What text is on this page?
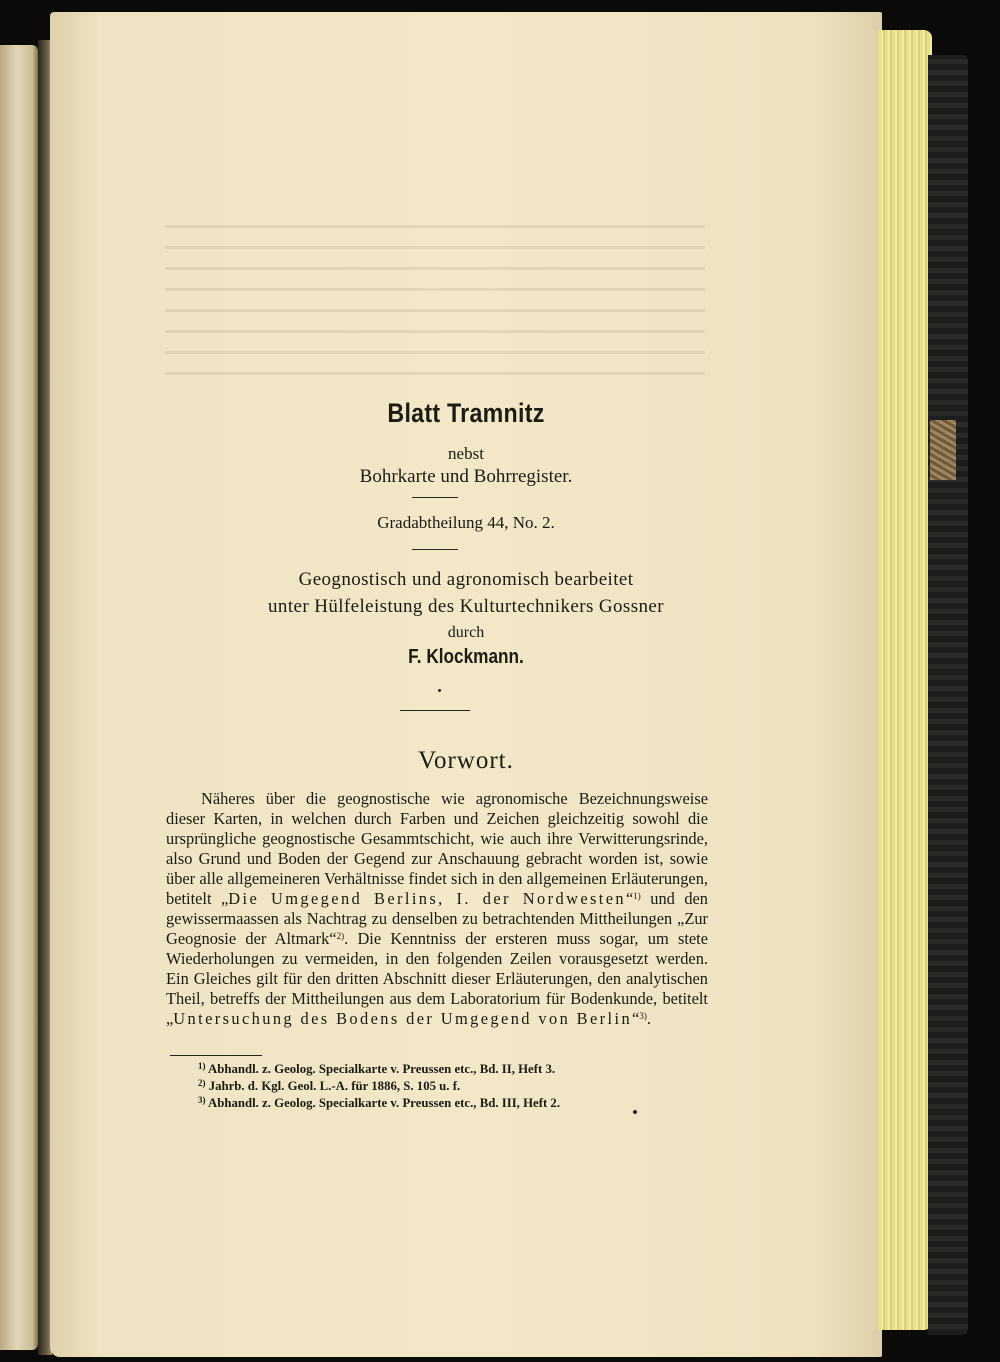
Blatt Tramnitz
nebst
Bohrkarte und Bohrregister.
Gradabtheilung 44, No. 2.
Geognostisch und agronomisch bearbeitet
unter Hülfeleistung des Kulturtechnikers Gossner
durch
F. Klockmann.
Vorwort.

Näheres über die geognostische wie agronomische Bezeichnungsweise dieser Karten, in welchen durch Farben und Zeichen gleichzeitig sowohl die ursprüngliche geognostische Gesammtschicht, wie auch ihre Verwitterungsrinde, also Grund und Boden der Gegend zur Anschauung gebracht worden ist, sowie über alle allgemeineren Verhältnisse findet sich in den allgemeinen Erläuterungen, betitelt „Die Umgegend Berlins, I. der Nordwesten“$^{1)}$ und den gewissermaassen als Nachtrag zu denselben zu betrachtenden Mittheilungen „Zur Geognosie der Altmark“$^{2)}$. Die Kenntniss der ersteren muss sogar, um stete Wiederholungen zu vermeiden, in den folgenden Zeilen vorausgesetzt werden. Ein Gleiches gilt für den dritten Abschnitt dieser Erläuterungen, den analytischen Theil, betreffs der Mittheilungen aus dem Laboratorium für Bodenkunde, betitelt „Untersuchung des Bodens der Umgegend von Berlin“$^{3)}$.

$^{1)}$ Abhandl. z. Geolog. Specialkarte v. Preussen etc., Bd. II, Heft 3.
$^{2)}$ Jahrb. d. Kgl. Geol. L.-A. für 1886, S. 105 u. f.
$^{3)}$ Abhandl. z. Geolog. Specialkarte v. Preussen etc., Bd. III, Heft 2.
